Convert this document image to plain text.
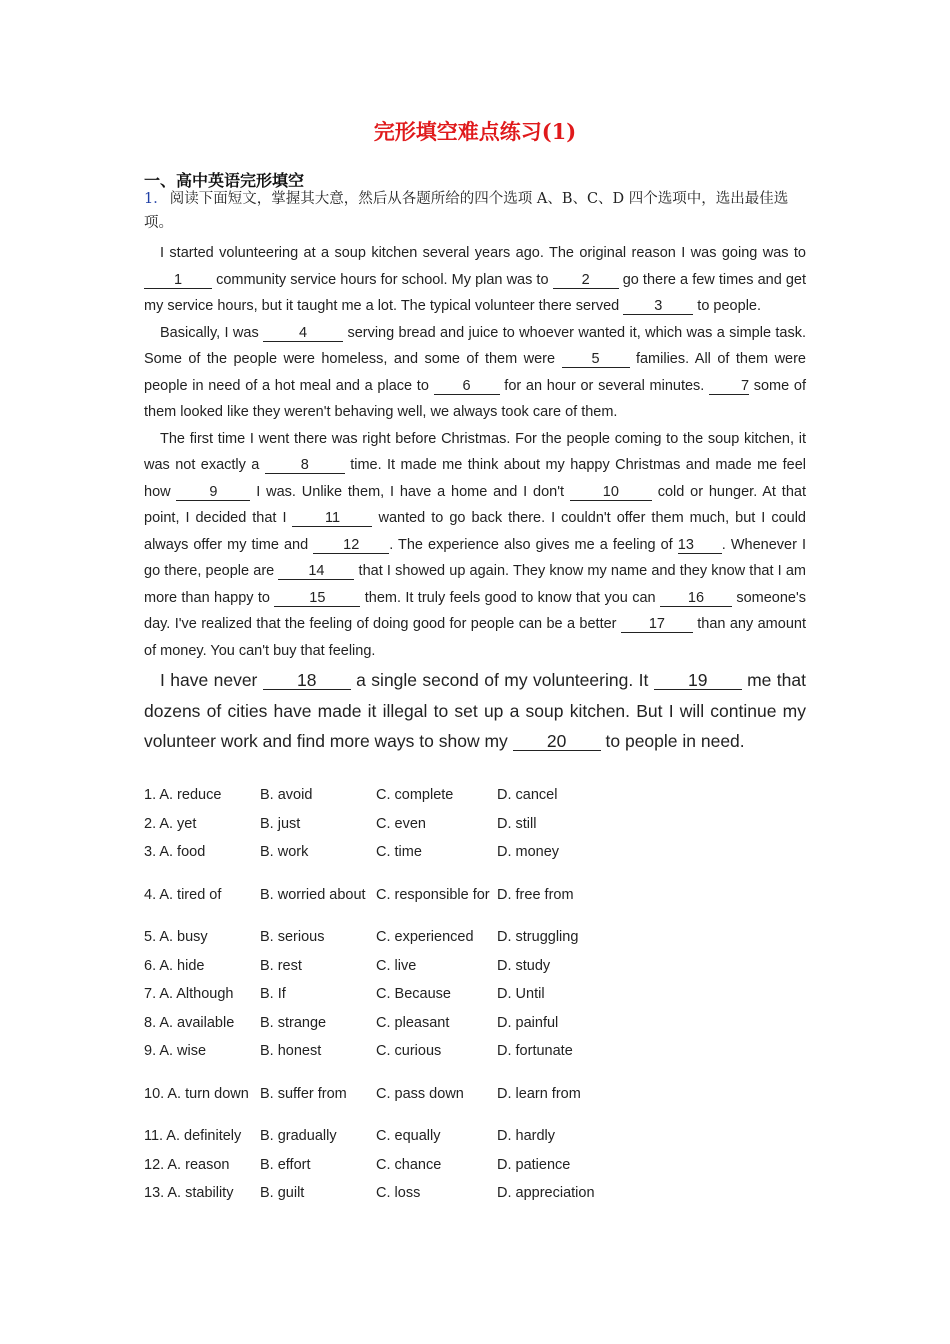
完形填空难点练习(1)
一、高中英语完形填空
1． 阅读下面短文，掌握其大意，然后从各题所给的四个选项 A、B、C、D 四个选项中，选出最佳选项。

I started volunteering at a soup kitchen several years ago. The original reason I was going was to 1 community service hours for school. My plan was to 2 go there a few times and get my service hours, but it taught me a lot. The typical volunteer there served 3 to people.

Basically, I was 4 serving bread and juice to whoever wanted it, which was a simple task. Some of the people were homeless, and some of them were 5 families. All of them were people in need of a hot meal and a place to 6 for an hour or several minutes. 7 some of them looked like they weren't behaving well, we always took care of them.

The first time I went there was right before Christmas. For the people coming to the soup kitchen, it was not exactly a 8 time. It made me think about my happy Christmas and made me feel how 9 I was. Unlike them, I have a home and I don't 10 cold or hunger. At that point, I decided that I 11 wanted to go back there. I couldn't offer them much, but I could always offer my time and 12 . The experience also gives me a feeling of 13 . Whenever I go there, people are 14 that I showed up again. They know my name and they know that I am more than happy to 15 them. It truly feels good to know that you can 16 someone's day. I've realized that the feeling of doing good for people can be a better 17 than any amount of money. You can't buy that feeling.

I have never 18 a single second of my volunteering. It 19 me that dozens of cities have made it illegal to set up a soup kitchen. But I will continue my volunteer work and find more ways to show my 20 to people in need.

1. A. reduce	B. avoid	C. complete	D. cancel
2. A. yet	B. just	C. even	D. still
3. A. food	B. work	C. time	D. money
4. A. tired of	B. worried about	C. responsible for	D. free from
5. A. busy	B. serious	C. experienced	D. struggling
6. A. hide	B. rest	C. live	D. study
7. A. Although	B. If	C. Because	D. Until
8. A. available	B. strange	C. pleasant	D. painful
9. A. wise	B. honest	C. curious	D. fortunate
10. A. turn down	B. suffer from	C. pass down	D. learn from
11. A. definitely	B. gradually	C. equally	D. hardly
12. A. reason	B. effort	C. chance	D. patience
13. A. stability	B. guilt	C. loss	D. appreciation
